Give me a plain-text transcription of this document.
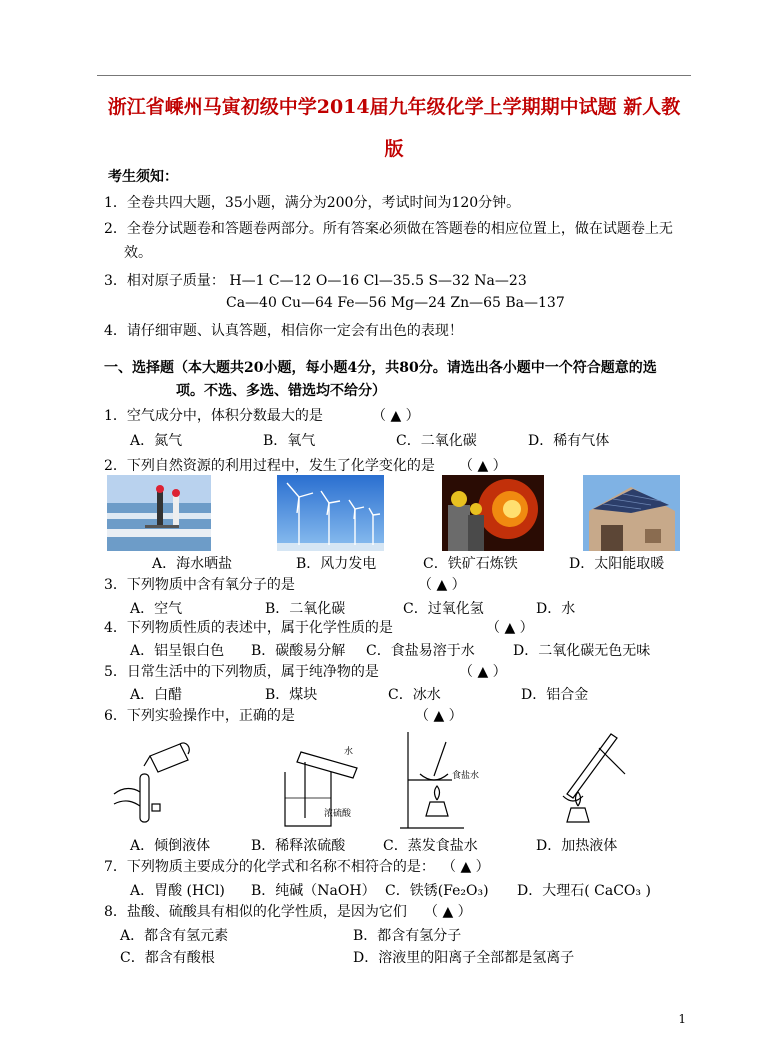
浙江省嵊州马寅初级中学2014届九年级化学上学期期中试题 新人教
版
考生须知：
1．全卷共四大题，35小题，满分为200分，考试时间为120分钟。
2．全卷分试题卷和答题卷两部分。所有答案必须做在答题卷的相应位置上，做在试题卷上无
效。
3．相对原子质量： H—1 C—12 O—16 Cl—35.5 S—32 Na—23
Ca—40 Cu—64 Fe—56 Mg—24 Zn—65 Ba—137
4．请仔细审题、认真答题，相信你一定会有出色的表现！
一、选择题（本大题共20小题，每小题4分，共80分。请选出各小题中一个符合题意的选
项。不选、多选、错选均不给分）
1．空气成分中，体积分数最大的是	（ ▲ ）
A．氮气	B．氧气	C．二氧化碳	D．稀有气体
2．下列自然资源的利用过程中，发生了化学变化的是 （ ▲ ）
A．海水晒盐	B．风力发电	C．铁矿石炼铁	D．太阳能取暖
3．下列物质中含有氧分子的是	（ ▲ ）
A．空气	B．二氧化碳	C．过氧化氢	D．水
4．下列物质性质的表述中，属于化学性质的是	（ ▲ ）
A．铝呈银白色 B．碳酸易分解 C．食盐易溶于水	D．二氧化碳无色无味
5．日常生活中的下列物质，属于纯净物的是	（ ▲ ）
A．白醋	B．煤块	C．冰水	D．铝合金
6．下列实验操作中，正确的是	（ ▲ ）
水
浓硫酸
食盐水
A．倾倒液体	B．稀释浓硫酸	C．蒸发食盐水	D．加热液体
7．下列物质主要成分的化学式和名称不相符合的是： （ ▲ ）
A．胃酸 (HCl) B．纯碱（NaOH） C．铁锈(Fe₂O₃) D．大理石( CaCO₃ )
8．盐酸、硫酸具有相似的化学性质，是因为它们 （ ▲ ）
A．都含有氢元素	B．都含有氢分子
C．都含有酸根	D．溶液里的阳离子全部都是氢离子
1
